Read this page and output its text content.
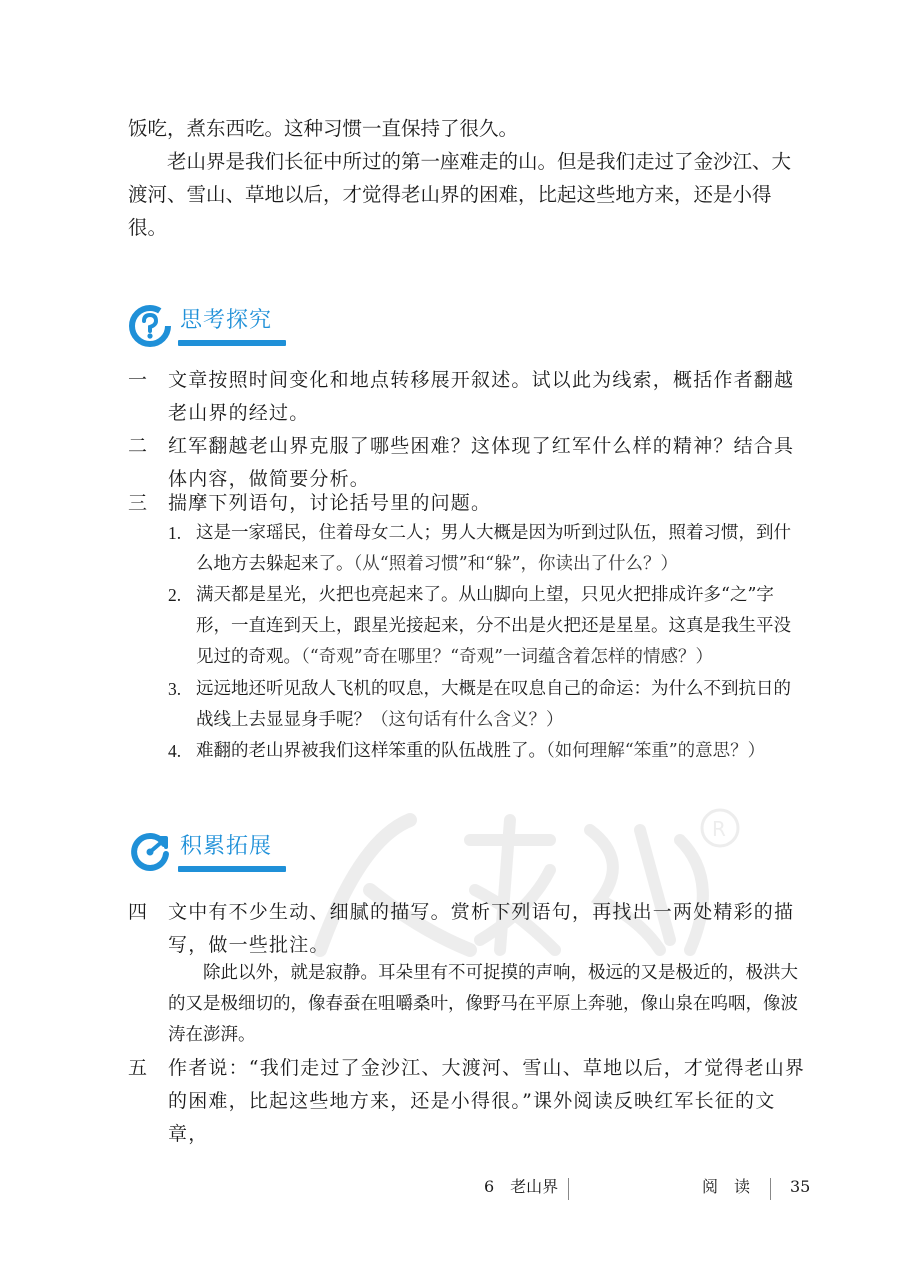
R

饭吃，煮东西吃。这种习惯一直保持了很久。

老山界是我们长征中所过的第一座难走的山。但是我们走过了金沙江、大渡河、雪山、草地以后，才觉得老山界的困难，比起这些地方来，还是小得很。

思考探究
一	文章按照时间变化和地点转移展开叙述。试以此为线索，概括作者翻越老山界的经过。
二	红军翻越老山界克服了哪些困难？这体现了红军什么样的精神？结合具体内容，做简要分析。
三	揣摩下列语句，讨论括号里的问题。
1. 这是一家瑶民，住着母女二人；男人大概是因为听到过队伍，照着习惯，到什么地方去躲起来了。（从“照着习惯”和“躲”，你读出了什么？）
2. 满天都是星光，火把也亮起来了。从山脚向上望，只见火把排成许多“之”字形，一直连到天上，跟星光接起来，分不出是火把还是星星。这真是我生平没见过的奇观。（“奇观”奇在哪里？“奇观”一词蕴含着怎样的情感？）
3. 远远地还听见敌人飞机的叹息，大概是在叹息自己的命运：为什么不到抗日的战线上去显显身手呢？（这句话有什么含义？）
4. 难翻的老山界被我们这样笨重的队伍战胜了。（如何理解“笨重”的意思？）
积累拓展
四	文中有不少生动、细腻的描写。赏析下列语句，再找出一两处精彩的描写，做一些批注。

除此以外，就是寂静。耳朵里有不可捉摸的声响，极远的又是极近的，极洪大的又是极细切的，像春蚕在咀嚼桑叶，像野马在平原上奔驰，像山泉在呜咽，像波涛在澎湃。

五	作者说：“我们走过了金沙江、大渡河、雪山、草地以后，才觉得老山界的困难，比起这些地方来，还是小得很。”课外阅读反映红军长征的文章，
6　老山界	阅　读 35
